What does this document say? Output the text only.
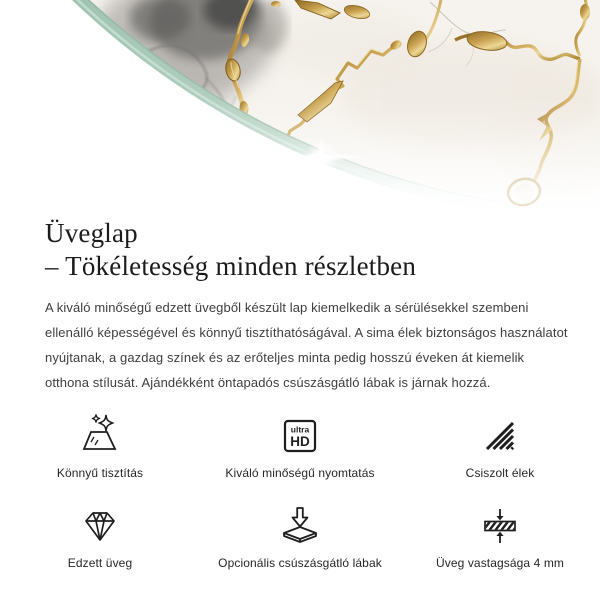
Üveglap
– Tökéletesség minden részletben

A kiváló minőségű edzett üvegből készült lap kiemelkedik a sérülésekkel szembeni ellenálló képességével és könnyű tisztíthatóságával. A sima élek biztonságos használatot nyújtanak, a gazdag színek és az erőteljes minta pedig hosszú éveken át kiemelik otthona stílusát. Ajándékként öntapadós csúszásgátló lábak is járnak hozzá.

Könnyű tisztítás
ultra
HD
Kiváló minőségű nyomtatás	Csiszolt élek
Edzett üveg	Opcionális csúszásgátló lábak	Üveg vastagsága 4 mm
